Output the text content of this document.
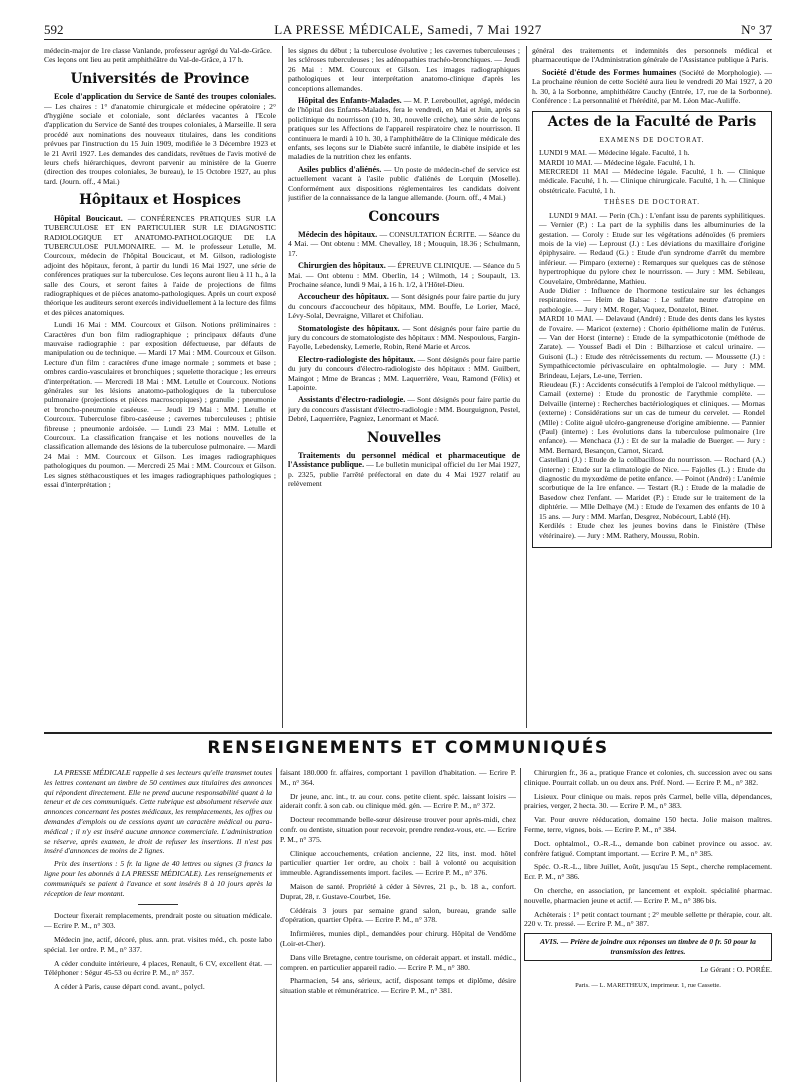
592	LA PRESSE MÉDICALE, Samedi, 7 Mai 1927	N° 37

médecin-major de 1re classe Vanlande, professeur agrégé du Val-de-Grâce.
Ces leçons ont lieu au petit amphithéâtre du Val-de-Grâce, à 17 h.

Universités de Province

Ecole d'application du Service de Santé des troupes coloniales. — Les chaires : 1° d'anatomie chirurgicale et médecine opératoire ; 2° d'hygiène sociale et coloniale, sont déclarées vacantes à l'Ecole d'application du Service de Santé des troupes coloniales, à Marseille. Il sera procédé aux nominations des nouveaux titulaires, dans les conditions prévues par l'instruction du 15 Juin 1909, modifiée le 3 Décembre 1923 et le 21 Avril 1927. Les demandes des candidats, revêtues de l'avis motivé de leurs chefs hiérarchiques, devront parvenir au ministère de la Guerre (direction des troupes coloniales, 3e bureau), le 15 Octobre 1927, au plus tard. (Journ. off., 4 Mai.)

Hôpitaux et Hospices

Hôpital Boucicaut. — CONFÉRENCES PRATIQUES SUR LA TUBERCULOSE ET EN PARTICULIER SUR LE DIAGNOSTIC RADIOLOGIQUE ET ANATOMO-PATHOLOGIQUE DE LA TUBERCULOSE PULMONAIRE. — M. le professeur Letulle, M. Courcoux, médecin de l'hôpital Boucicaut, et M. Gilson, radiologiste adjoint des hôpitaux, feront, à partir du lundi 16 Mai 1927, une série de conférences pratiques sur la tuberculose. Ces leçons auront lieu à 11 h., à la salle des Cours, et seront faites à l'aide de projections de films radiographiques et de pièces anatomo-pathologiques. Après un court exposé théorique les auditeurs seront exercés individuellement à la lecture des films et des pièces anatomiques.

Lundi 16 Mai : MM. Courcoux et Gilson. Notions préliminaires : Caractères d'un bon film radiographique ; principaux défauts d'une mauvaise radiographie : par exposition défectueuse, par défauts de manipulation ou de technique. — Mardi 17 Mai : MM. Courcoux et Gilson. Lecture d'un film : caractères d'une image normale ; sommets et base ; ombres cardio-vasculaires et bronchiques ; squelette thoracique ; les erreurs d'interprétation. — Mercredi 18 Mai : MM. Letulle et Courcoux. Notions générales sur les lésions anatomo-pathologiques de la tuberculose pulmonaire (projections et pièces macroscopiques) ; granulie ; pneumonie et broncho-pneumonie caséeuse. — Jeudi 19 Mai : MM. Letulle et Courcoux. Tuberculose fibro-caséeuse ; cavernes tuberculeuses ; phtisie fibreuse ; pneumonie ardoisée. — Lundi 23 Mai : MM. Letulle et Courcoux. La classification française et les notions nouvelles de la classification allemande des lésions de la tuberculose pulmonaire. — Mardi 24 Mai : MM. Courcoux et Gilson. Les images radiographiques pathologiques du poumon. — Mercredi 25 Mai : MM. Courcoux et Gilson. Les signes stéthacoustiques et les images radiographiques pathologiques ; essai d'interprétation ;

les signes du début ; la tuberculose évolutive ; les cavernes tuberculeuses ; les scléroses tuberculeuses ; les adénopathies trachéo-bronchiques. — Jeudi 26 Mai : MM. Courcoux et Gilson. Les images radiographiques pathologiques et leur interprétation anatomo-clinique d'après les conceptions allemandes.

Hôpital des Enfants-Malades. — M. P. Lereboullet, agrégé, médecin de l'hôpital des Enfants-Malades, fera le vendredi, en Mai et Juin, après sa policlinique du nourrisson (10 h. 30, nouvelle crèche), une série de leçons pratiques sur les Affections de l'appareil respiratoire chez le nourrisson. Il continuera le mardi à 10 h. 30, à l'amphithéâtre de la Clinique médicale des enfants, ses leçons sur le Diabète sucré infantile, le diabète insipide et les maladies de la nutrition chez les enfants.

Asiles publics d'aliénés. — Un poste de médecin-chef de service est actuellement vacant à l'asile public d'aliénés de Lorquin (Moselle). Conformément aux dispositions réglementaires les candidats doivent justifier de la connaissance de la langue allemande. (Journ. off., 4 Mai.)

Concours

Médecin des hôpitaux. — CONSULTATION ÉCRITE. — Séance du 4 Mai. — Ont obtenu : MM. Chevalley, 18 ; Mouquin, 18.36 ; Schulmann, 17.

Chirurgien des hôpitaux. — ÉPREUVE CLINIQUE. — Séance du 5 Mai. — Ont obtenu : MM. Oberlin, 14 ; Wilmoth, 14 ; Soupault, 13. Prochaine séance, lundi 9 Mai, à 16 h. 1/2, à l'Hôtel-Dieu.

Accoucheur des hôpitaux. — Sont désignés pour faire partie du jury du concours d'accoucheur des hôpitaux, MM. Bouffe, Le Lorier, Macé, Lévy-Solal, Devraigne, Villaret et Chifoliau.

Stomatologiste des hôpitaux. — Sont désignés pour faire partie du jury du concours de stomatologiste des hôpitaux : MM. Nespoulous, Fargin-Fayolle, Lebedensky, Lemerle, Robin, René Marie et Arcos.

Electro-radiologiste des hôpitaux. — Sont désignés pour faire partie du jury du concours d'électro-radiologiste des hôpitaux : MM. Guilbert, Maingot ; Mme de Brancas ; MM. Laquerrière, Veau, Ramond (Félix) et Lapointe.

Assistants d'électro-radiologie. — Sont désignés pour faire partie du jury du concours d'assistant d'électro-radiologie : MM. Bourguignon, Pestel, Debré, Laquerrière, Pagniez, Lenormant et Macé.

Nouvelles

Traitements du personnel médical et pharmaceutique de l'Assistance publique. — Le bulletin municipal officiel du 1er Mai 1927, p. 2325, publie l'arrêté préfectoral en date du 4 Mai 1927 relatif au relèvement

général des traitements et indemnités des personnels médical et pharmaceutique de l'Administration générale de l'Assistance publique à Paris.

Société d'étude des Formes humaines (Société de Morphologie). — La prochaine réunion de cette Société aura lieu le vendredi 20 Mai 1927, à 20 h. 30, à la Sorbonne, amphithéâtre Cauchy (Entrée, 17, rue de la Sorbonne). Conférence : La personnalité et l'hérédité, par M. Léon Mac-Auliffe.

Actes de la Faculté de Paris
EXAMENS DE DOCTORAT.

LUNDI 9 MAI. — Médecine légale. Faculté, 1 h.
MARDI 10 MAI. — Médecine légale. Faculté, 1 h.
MERCREDI 11 MAI — Médecine légale. Faculté, 1 h. — Clinique médicale. Faculté, 1 h. — Clinique chirurgicale. Faculté, 1 h. — Clinique obstétricale. Faculté, 1 h.

THÈSES DE DOCTORAT.

LUNDI 9 MAI. — Perin (Ch.) : L'enfant issu de parents syphilitiques. — Vernier (P.) : La part de la syphilis dans les albuminuries de la gestation. — Coroly : Etude sur les végétations adénoïdes (6 premiers mois de la vie) — Leproust (J.) : Les déviations du maxillaire d'origine épiphysaire. — Redaud (G.) : Etude d'un syndrome d'arrêt du membre inférieur. — Pimparo (externe) : Remarques sur quelques cas de sténose hypertrophique du pylore chez le nourrisson. — Jury : MM. Sebileau, Couvelaire, Ombrédanne, Mathieu.
Aude Didier : Influence de l'hormone testiculaire sur les échanges respiratoires. — Heim de Balsac : Le sulfate neutre d'atropine en pathologie. — Jury : MM. Roger, Vaquez, Donzelot, Binet.
MARDI 10 MAI. — Delavaud (André) : Etude des dents dans les kystes de l'ovaire. — Maricot (externe) : Chorio épithéliome malin de l'utérus. — Van der Horst (interne) : Etude de la sympathicotonie (méthode de Zarate). — Youssef Badi el Din : Bilharziose et calcul urinaire. — Guisoni (L.) : Etude des rétrécissements du rectum. — Moussette (J.) : Sympathicectomie périvasculaire en ophtalmologie. — Jury : MM. Brindeau, Lejars, Le-une, Terrien.
Rieudeau (F.) : Accidents consécutifs à l'emploi de l'alcool méthylique. — Camail (externe) : Etude du pronostic de l'arythmie complète. — Delvaille (interne) : Recherches bactériologiques et cliniques. — Mornas (externe) : Considérations sur un cas de tumeur du cervelet. — Rondel (Mlle) : Colite aiguë ulcéro-gangreneuse d'origine amibienne. — Pannier (Paul) (interne) : Les évolutions dans la tuberculose pulmonaire (1re enfance). — Menchaca (J.) : Et de sur la maladie de Buerger. — Jury : MM. Bernard, Besançon, Carnot, Sicard.
Castellani (J.) : Etude de la colibacillose du nourrisson. — Rochard (A.) (interne) : Etude sur la climatologie de Nice. — Fajolles (L.) : Etude du diagnostic du myxœdème de petite enfance. — Poinot (André) : L'anémie scorbutique de la 1re enfance. — Testart (R.) : Etude de la maladie de Basedow chez l'enfant. — Maridet (P.) : Etude sur le traitement de la diphtérie. — Mlle Delhaye (M.) : Etude de l'examen des enfants de 10 à 15 ans. — Jury : MM. Marfan, Desgrez, Nobécourt, Lablé (H).
Kerdilés : Etude chez les jeunes bovins dans le Finistère (Thèse vétérinaire). — Jury : MM. Rathery, Moussu, Robin.

RENSEIGNEMENTS ET COMMUNIQUÉS

LA PRESSE MÉDICALE rappelle à ses lecteurs qu'elle transmet toutes les lettres contenant un timbre de 50 centimes aux titulaires des annonces qui répondent directement. Elle ne prend aucune responsabilité quant à la teneur et de ces communiqués. Cette rubrique est absolument réservée aux annonces concernant les postes médicaux, les remplacements, les offres ou demandes d'emplois ou de cessions ayant un caractère médical ou para-médical ; il n'y est inséré aucune annonce commerciale. L'administration se réserve, après examen, le droit de refuser les insertions. Il n'est pas inséré d'annonces de moins de 2 lignes.

Prix des insertions : 5 fr. la ligne de 40 lettres ou signes (3 francs la ligne pour les abonnés à LA PRESSE MÉDICALE). Les renseignements et communiqués se paient à l'avance et sont insérés 8 à 10 jours après la réception de leur montant.

Docteur fixerait remplacements, prendrait poste ou situation médicale. — Ecrire P. M., n° 303.

Médecin jne, actif, décoré, plus. ann. prat. visites méd., ch. poste labo spécial. 1er ordre. P. M., n° 337.

A céder conduite intérieure, 4 places, Renault, 6 CV, excellent état. — Téléphoner : Ségur 45-53 ou écrire P. M., n° 357.

A céder à Paris, cause départ cond. avant., polycl.

faisant 180.000 fr. affaires, comportant 1 pavillon d'habitation. — Ecrire P. M., n° 364.

Dr jeune, anc. int., tr. au cour. cons. petite client. spéc. laissant loisirs — aiderait confr. à son cab. ou clinique méd. gén. — Ecrire P. M., n° 372.

Docteur recommande belle-sœur désireuse trouver pour après-midi, chez confr. ou dentiste, situation pour recevoir, prendre rendez-vous, etc. — Ecrire P. M., n° 375.

Clinique accouchements, création ancienne, 22 lits, inst. mod. hôtel particulier quartier 1er ordre, au choix : bail à volonté ou acquisition immeuble. Agrandissements import. faciles. — Ecrire P. M., n° 376.

Maison de santé. Propriété à céder à Sèvres, 21 p., b. 18 a., confort. Duprat, 28, r. Gustave-Courbet, 16e.

Cédérais 3 jours par semaine grand salon, bureau, grande salle d'opération, quartier Opéra. — Ecrire P. M., n° 378.

Infirmières, munies dipl., demandées pour chirurg. Hôpital de Vendôme (Loir-et-Cher).

Dans ville Bretagne, centre tourisme, on céderait appart. et install. médic., compren. en particulier appareil radio. — Ecrire P. M., n° 380.

Pharmacien, 54 ans, sérieux, actif, disposant temps et diplôme, désire situation stable et rémunératrice. — Ecrire P. M., n° 381.

Chirurgien fr., 36 a., pratique France et colonies, ch. succession avec ou sans clinique. Pourrait collab. un ou deux ans. Préf. Nord. — Ecrire P. M., n° 382.

Lisieux. Pour clinique ou mais. repos près Carmel, belle villa, dépendances, prairies, verger, 2 hecta. 30. — Ecrire P. M., n° 383.

Var. Pour œuvre rééducation, domaine 150 hecta. Jolie maison maîtres. Ferme, terre, vignes, bois. — Ecrire P. M., n° 384.

Doct. ophtalmol., O.-R.-L., demande bon cabinet province ou assoc. av. confrère fatigué. Comptant important. — Ecrire P. M., n° 385.

Spéc. O.-R.-L., libre Juillet, Août, jusqu'au 15 Sept., cherche remplacement. Ecr. P. M., n° 386.

On cherche, en association, pr lancement et exploit. spécialité pharmac. nouvelle, pharmacien jeune et actif. — Ecrire P. M., n° 386 bis.

Achèterais : 1° petit contact tournant ; 2° meuble sellette pr thérapie, cour. alt. 220 v. Tr. pressé. — Ecrire P. M., n° 387.

AVIS. — Prière de joindre aux réponses un timbre de 0 fr. 50 pour la transmission des lettres.
Le Gérant : O. PORÉE.
Paris. — L. MARETHEUX, imprimeur. 1, rue Cassette.
